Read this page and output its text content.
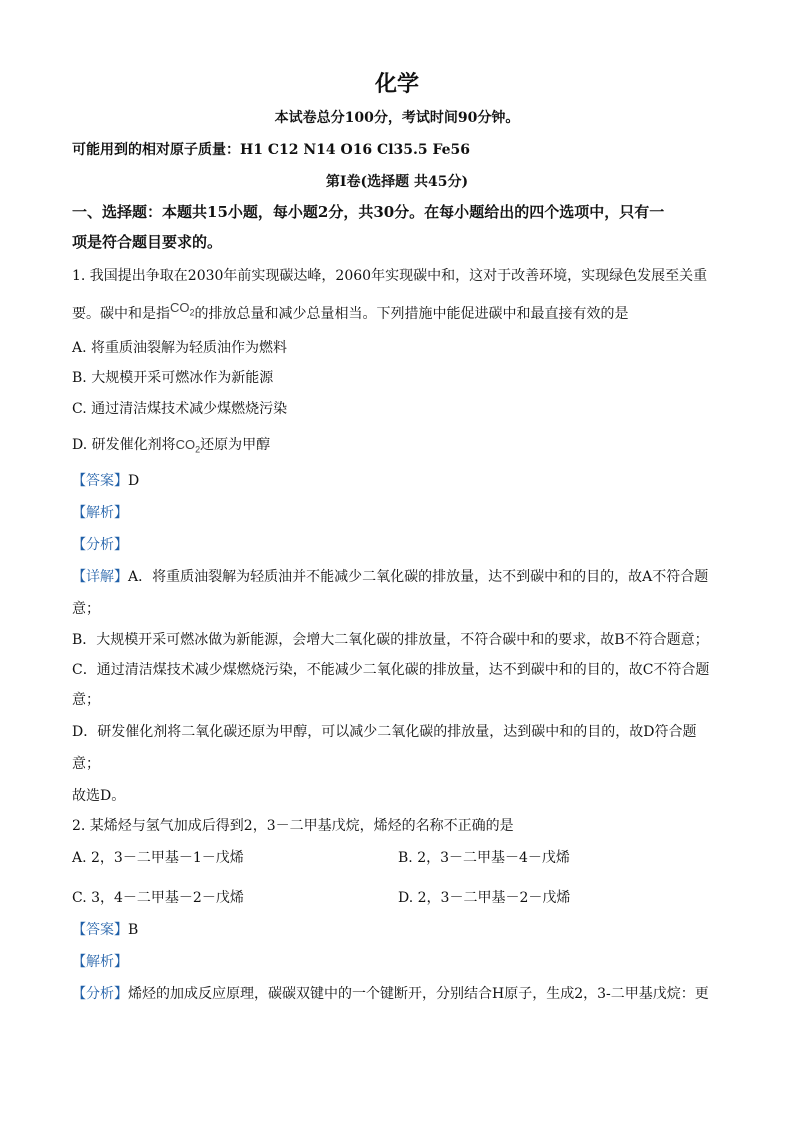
化学
本试卷总分100分，考试时间90分钟。
可能用到的相对原子质量：H1 C12 N14 O16 Cl35.5 Fe56
第Ⅰ卷(选择题 共45分)
一、选择题：本题共15小题，每小题2分，共30分。在每小题给出的四个选项中，只有一
项是符合题目要求的。
1. 我国提出争取在2030年前实现碳达峰，2060年实现碳中和，这对于改善环境，实现绿色发展至关重
要。碳中和是指$CO_2$的排放总量和减少总量相当。下列措施中能促进碳中和最直接有效的是
A. 将重质油裂解为轻质油作为燃料
B. 大规模开采可燃冰作为新能源
C. 通过清洁煤技术减少煤燃烧污染
D. 研发催化剂将$CO_2$还原为甲醇
【答案】D
【解析】
【分析】
【详解】A．将重质油裂解为轻质油并不能减少二氧化碳的排放量，达不到碳中和的目的，故A不符合题
意；
B．大规模开采可燃冰做为新能源，会增大二氧化碳的排放量，不符合碳中和的要求，故B不符合题意；
C．通过清洁煤技术减少煤燃烧污染，不能减少二氧化碳的排放量，达不到碳中和的目的，故C不符合题
意；
D．研发催化剂将二氧化碳还原为甲醇，可以减少二氧化碳的排放量，达到碳中和的目的，故D符合题
意；
故选D。
2. 某烯烃与氢气加成后得到2，3－二甲基戊烷，烯烃的名称不正确的是
A. 2，3－二甲基－1－戊烯	B. 2，3－二甲基－4－戊烯
C. 3，4－二甲基－2－戊烯	D. 2，3－二甲基－2－戊烯
【答案】B
【解析】
【分析】烯烃的加成反应原理，碳碳双键中的一个键断开，分别结合H原子，生成2，3-二甲基戊烷：更
